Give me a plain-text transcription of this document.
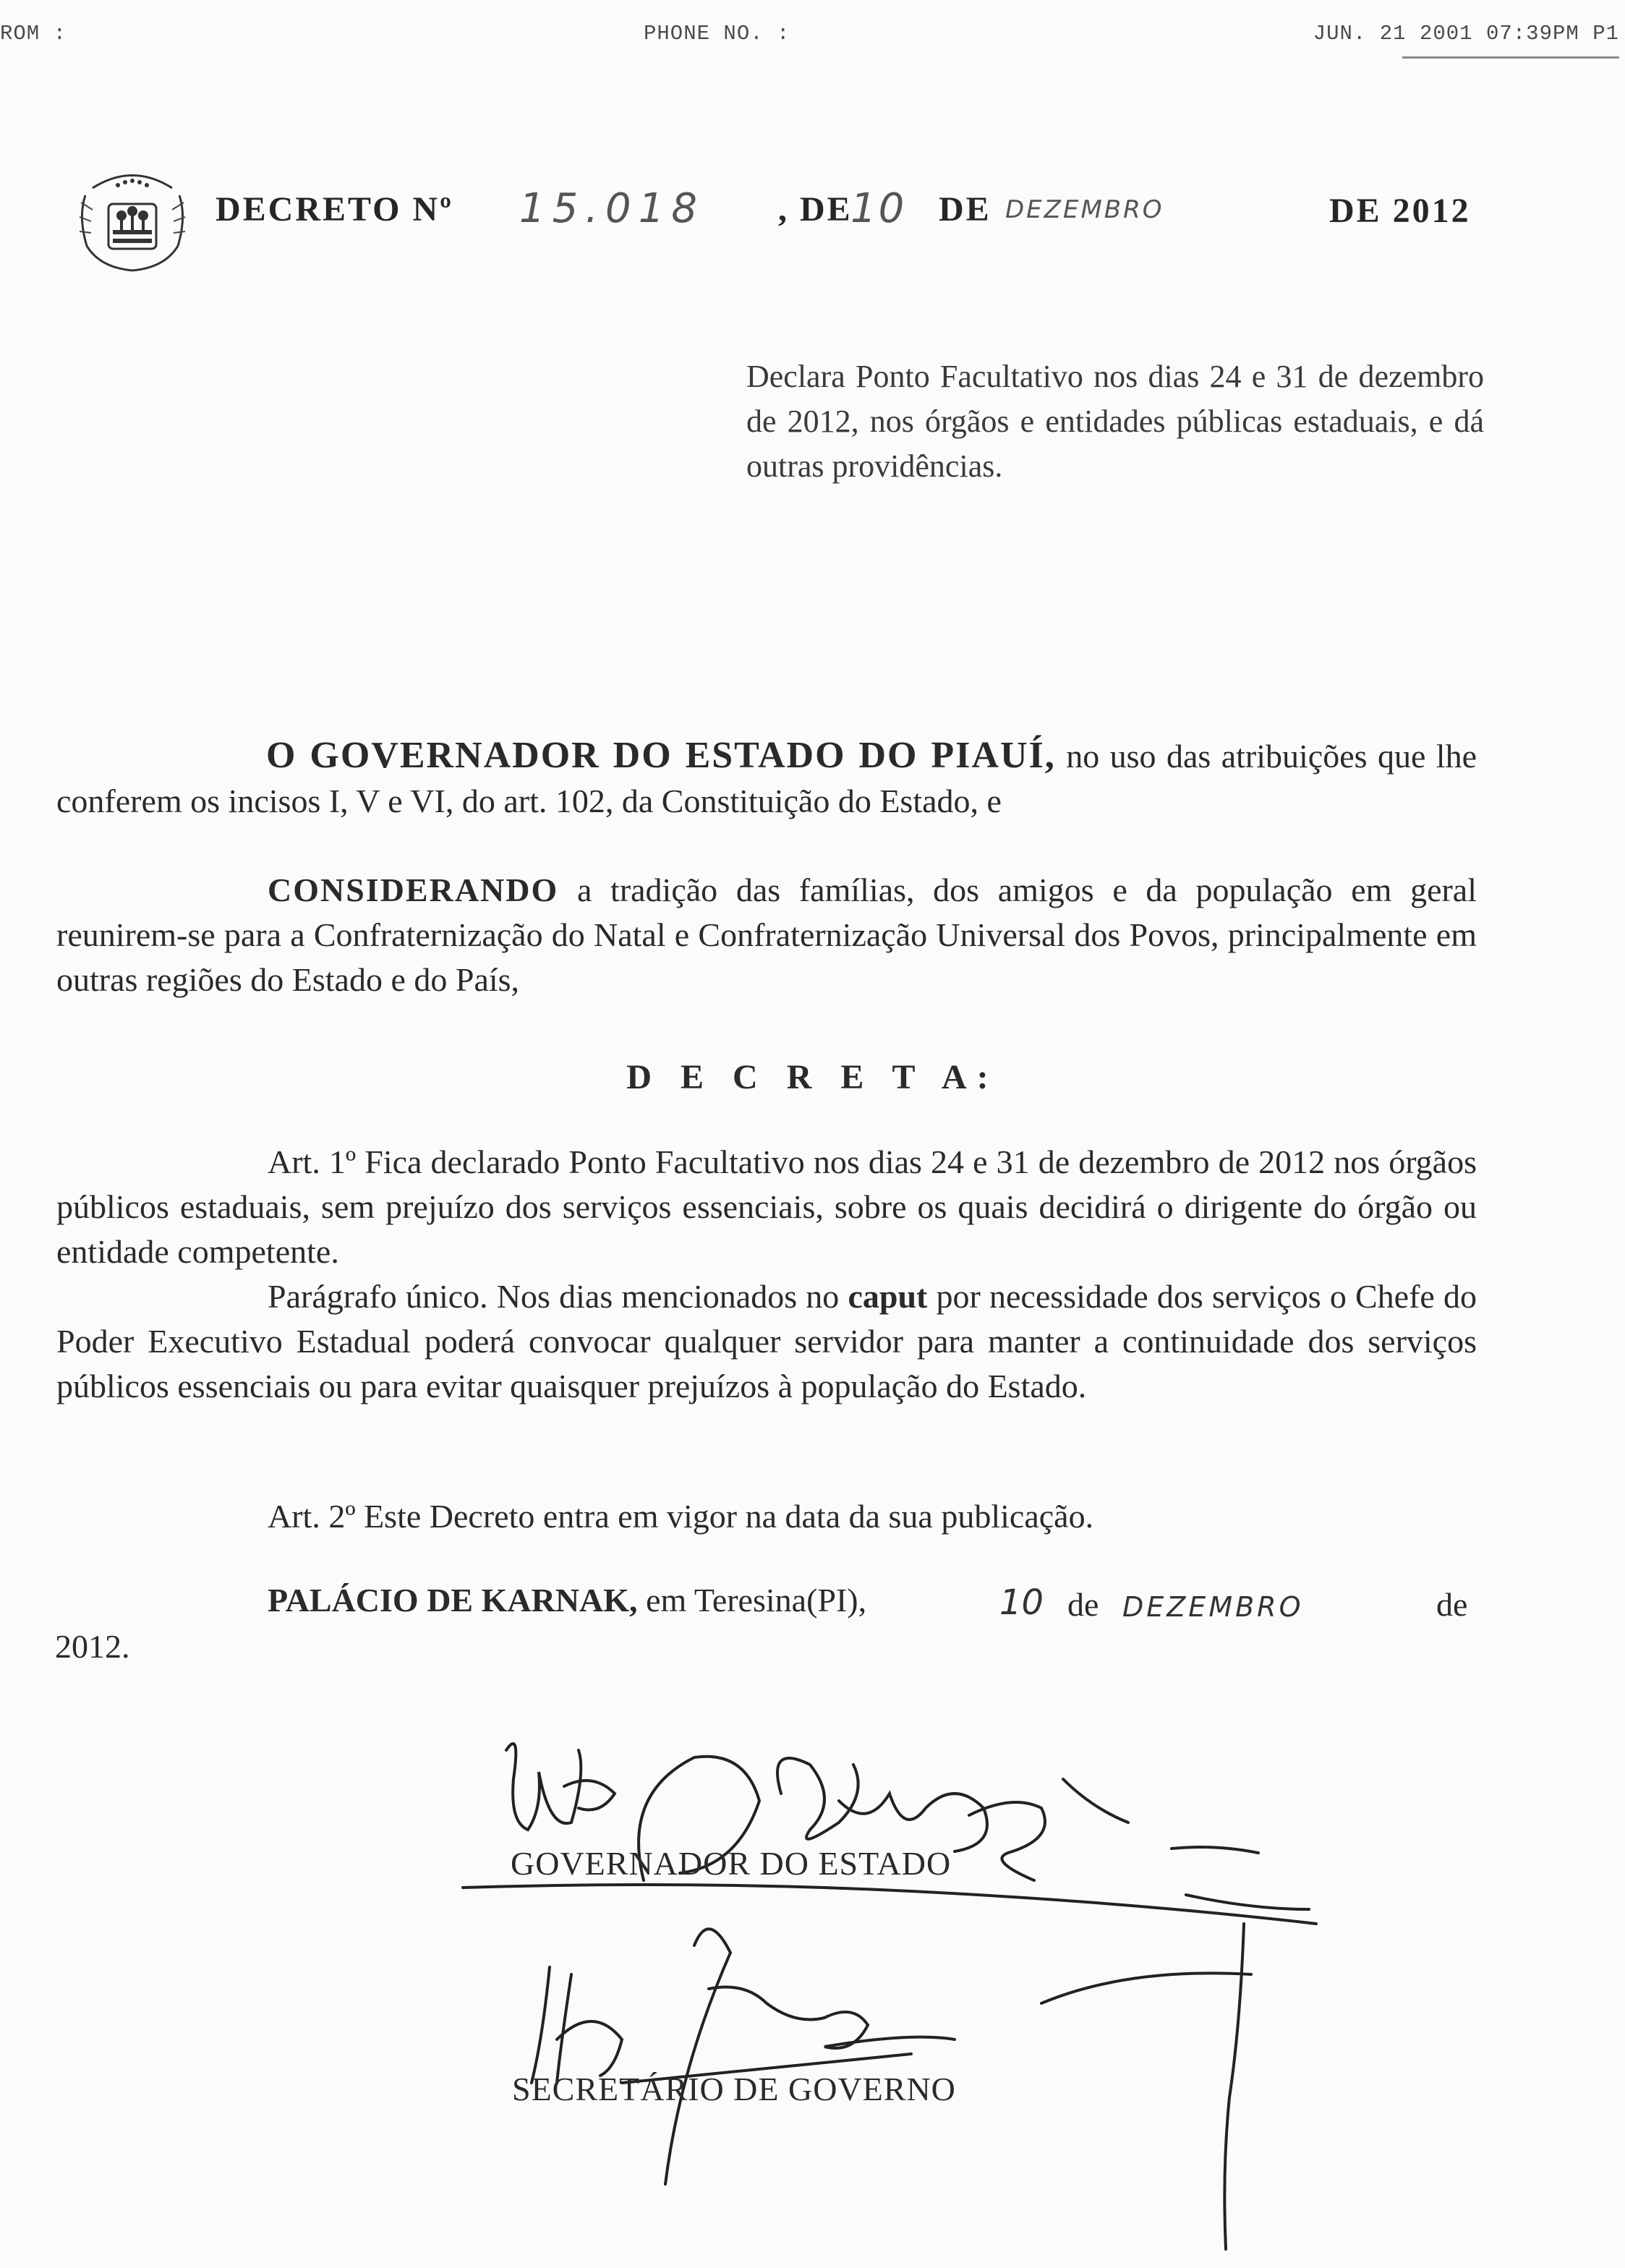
ROM :	PHONE NO. :	JUN. 21 2001 07:39PM P1
DECRETO Nº 15.018 , DE
10 DE DEZEMBRO	DE 2012
Declara Ponto Facultativo nos dias 24 e 31 de dezembro de 2012, nos órgãos e entidades públicas estaduais, e dá outras providências.
O GOVERNADOR DO ESTADO DO PIAUÍ, no uso das atribuições que lhe conferem os incisos I, V e VI, do art. 102, da Constituição do Estado, e
CONSIDERANDO a tradição das famílias, dos amigos e da população em geral reunirem-se para a Confraternização do Natal e Confraternização Universal dos Povos, principalmente em outras regiões do Estado e do País,
D E C R E T A:
Art. 1º Fica declarado Ponto Facultativo nos dias 24 e 31 de dezembro de 2012 nos órgãos públicos estaduais, sem prejuízo dos serviços essenciais, sobre os quais decidirá o dirigente do órgão ou entidade competente.
Parágrafo único. Nos dias mencionados no caput por necessidade dos serviços o Chefe do Poder Executivo Estadual poderá convocar qualquer servidor para manter a continuidade dos serviços públicos essenciais ou para evitar quaisquer prejuízos à população do Estado.
Art. 2º Este Decreto entra em vigor na data da sua publicação.
PALÁCIO DE KARNAK, em Teresina(PI),	10	DEZEMBRO	de
2012.
de
GOVERNADOR DO ESTADO
SECRETÁRIO DE GOVERNO
